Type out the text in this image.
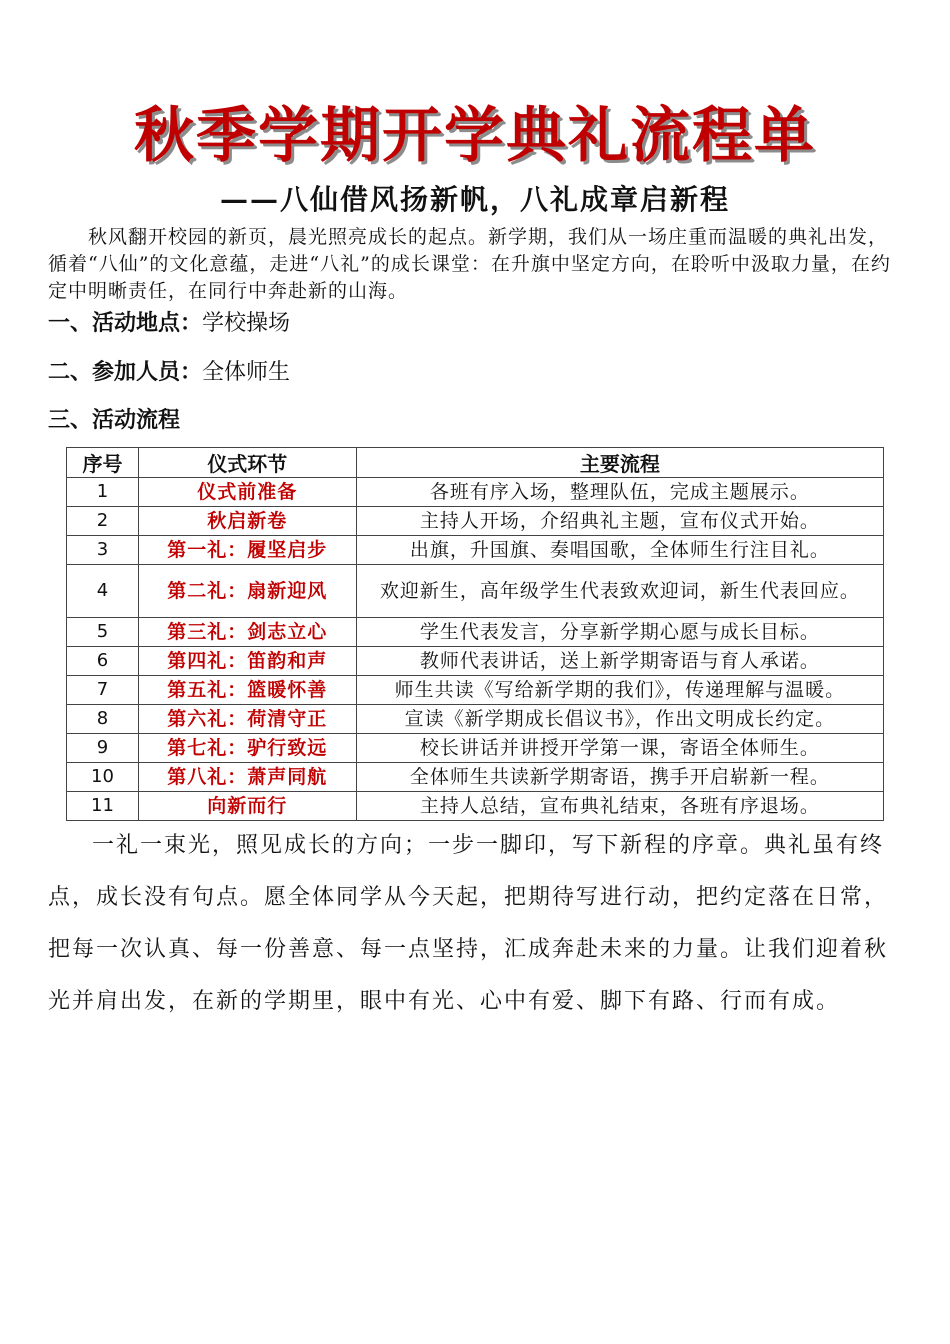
秋季学期开学典礼流程单
——八仙借风扬新帆，八礼成章启新程
秋风翻开校园的新页，晨光照亮成长的起点。新学期，我们从一场庄重而温暖的典礼出发，循着“八仙”的文化意蕴，走进“八礼”的成长课堂：在升旗中坚定方向，在聆听中汲取力量，在约定中明晰责任，在同行中奔赴新的山海。
一、活动地点：学校操场
二、参加人员：全体师生
三、活动流程
序号	仪式环节	主要流程
1	仪式前准备	各班有序入场，整理队伍，完成主题展示。
2	秋启新卷	主持人开场，介绍典礼主题，宣布仪式开始。
3	第一礼：履坚启步	出旗，升国旗、奏唱国歌，全体师生行注目礼。
4	第二礼：扇新迎风	欢迎新生，高年级学生代表致欢迎词，新生代表回应。
5	第三礼：剑志立心	学生代表发言，分享新学期心愿与成长目标。
6	第四礼：笛韵和声	教师代表讲话，送上新学期寄语与育人承诺。
7	第五礼：篮暖怀善	师生共读《写给新学期的我们》，传递理解与温暖。
8	第六礼：荷清守正	宣读《新学期成长倡议书》，作出文明成长约定。
9	第七礼：驴行致远	校长讲话并讲授开学第一课，寄语全体师生。
10	第八礼：萧声同航	全体师生共读新学期寄语，携手开启崭新一程。
11	向新而行	主持人总结，宣布典礼结束，各班有序退场。
一礼一束光，照见成长的方向；一步一脚印，写下新程的序章。典礼虽有终点，成长没有句点。愿全体同学从今天起，把期待写进行动，把约定落在日常，把每一次认真、每一份善意、每一点坚持，汇成奔赴未来的力量。让我们迎着秋光并肩出发，在新的学期里，眼中有光、心中有爱、脚下有路、行而有成。
